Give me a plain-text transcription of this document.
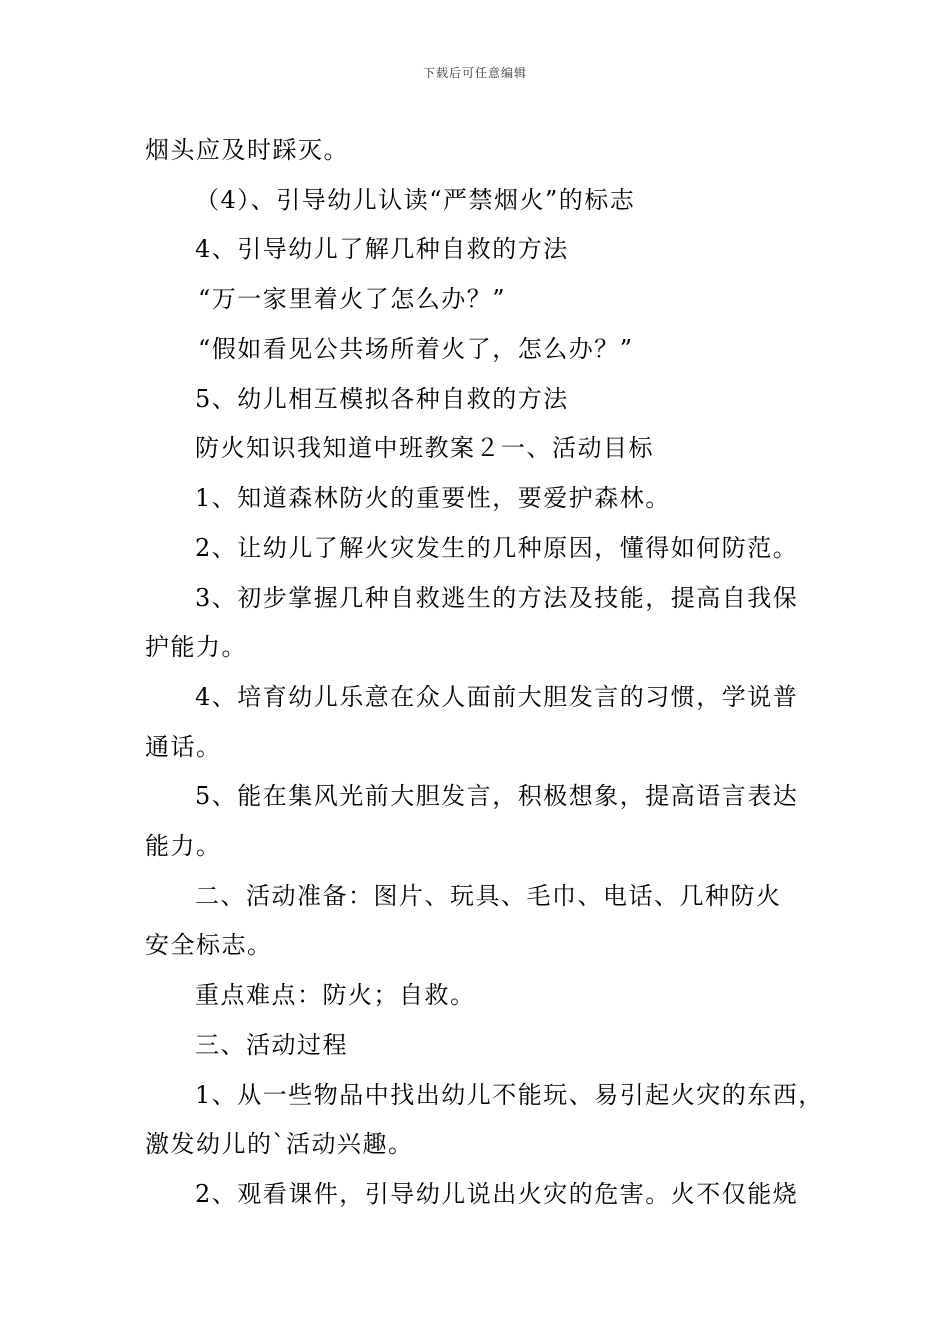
下载后可任意编辑
烟头应及时踩灭。
（4）、引导幼儿认读“严禁烟火”的标志
4、引导幼儿了解几种自救的方法
“万一家里着火了怎么办？”
“假如看见公共场所着火了，怎么办？”
5、幼儿相互模拟各种自救的方法
防火知识我知道中班教案２一、活动目标
1、知道森林防火的重要性，要爱护森林。
2、让幼儿了解火灾发生的几种原因，懂得如何防范。
3、初步掌握几种自救逃生的方法及技能，提高自我保
护能力。
4、培育幼儿乐意在众人面前大胆发言的习惯，学说普
通话。
5、能在集风光前大胆发言，积极想象，提高语言表达
能力。
二、活动准备：图片、玩具、毛巾、电话、几种防火
安全标志。
重点难点：防火；自救。
三、活动过程
1、从一些物品中找出幼儿不能玩、易引起火灾的东西，
激发幼儿的`活动兴趣。
2、观看课件，引导幼儿说出火灾的危害。火不仅能烧
